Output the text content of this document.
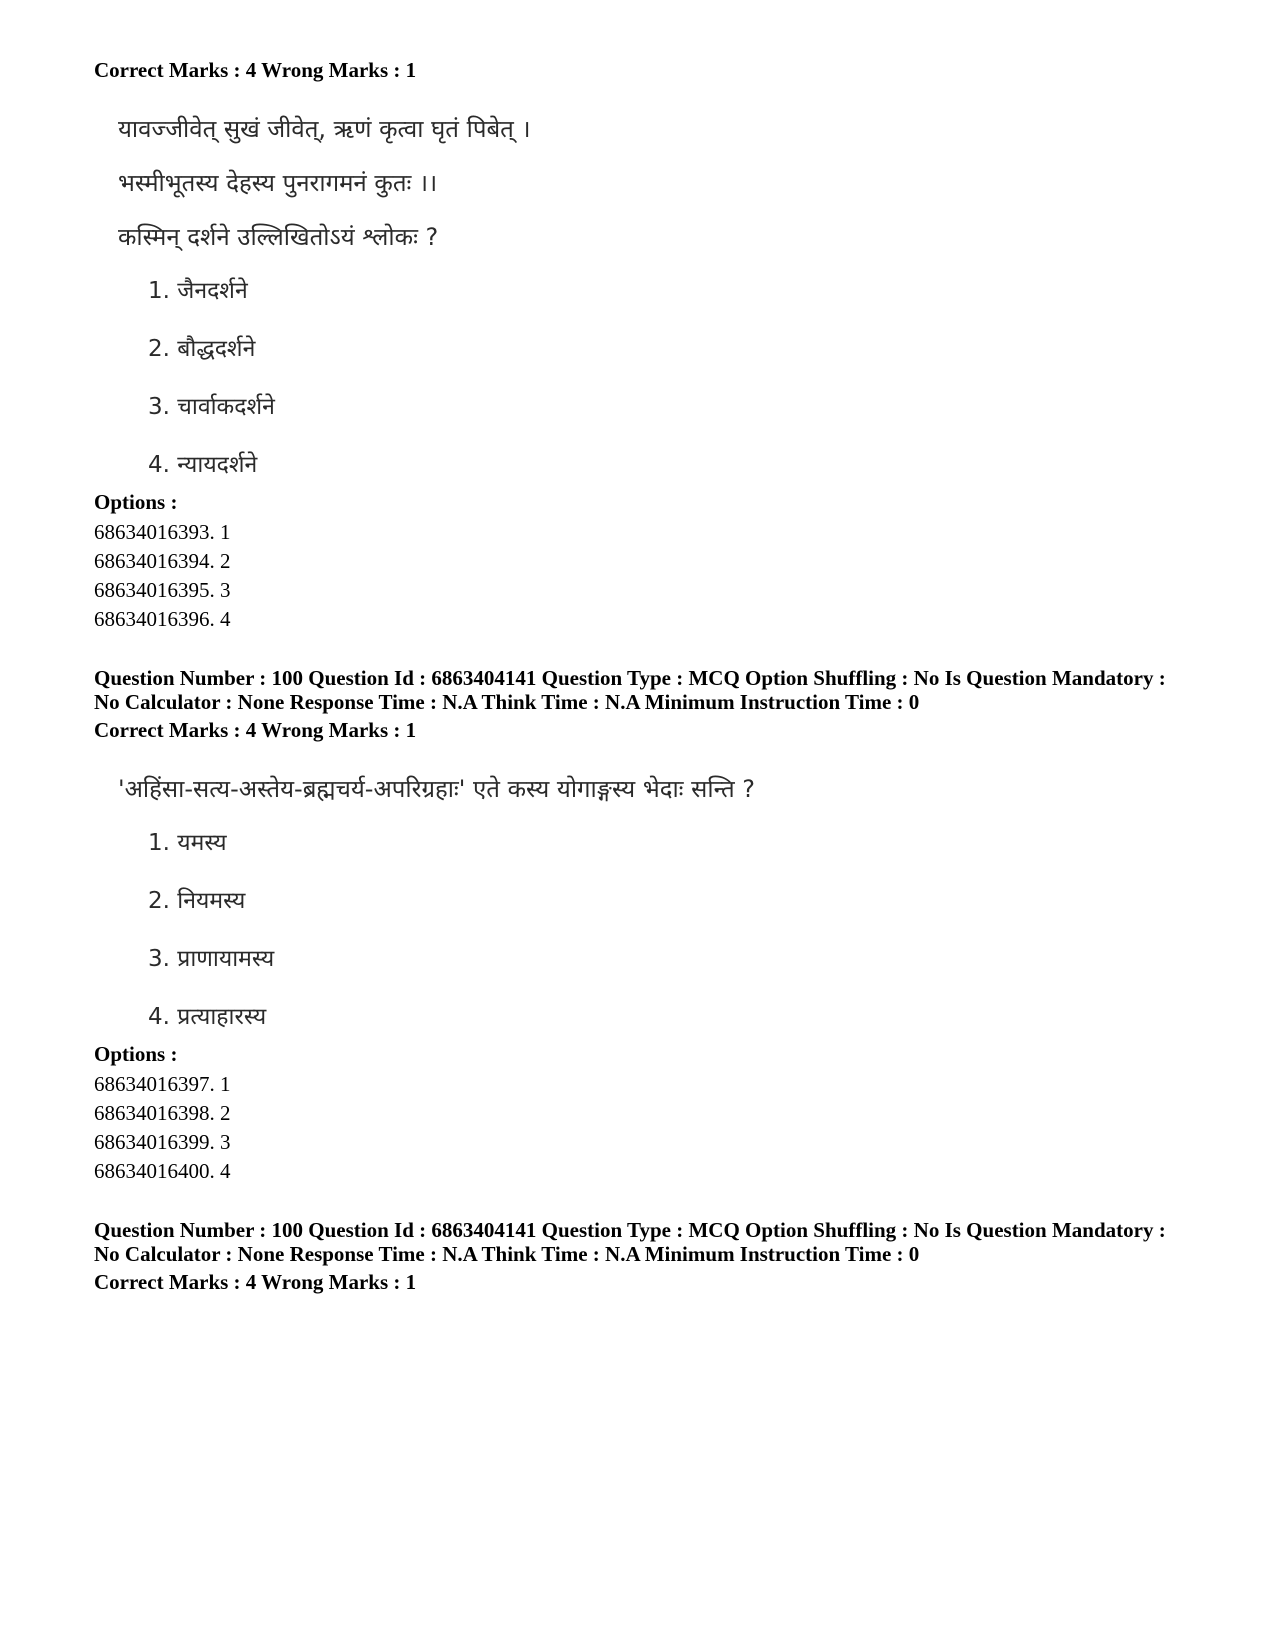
Correct Marks : 4 Wrong Marks : 1

यावज्जीवेत् सुखं जीवेत्, ऋणं कृत्वा घृतं पिबेत् ।
भस्मीभूतस्य देहस्य पुनरागमनं कुतः ।।
कस्मिन् दर्शने उल्लिखितोऽयं श्लोकः ?
1. जैनदर्शने
2. बौद्धदर्शने
3. चार्वाकदर्शने
4. न्यायदर्शने

Options :

68634016393. 1

68634016394. 2

68634016395. 3

68634016396. 4

Question Number : 100 Question Id : 6863404141 Question Type : MCQ Option Shuffling : No Is Question Mandatory :

No Calculator : None Response Time : N.A Think Time : N.A Minimum Instruction Time : 0

Correct Marks : 4 Wrong Marks : 1

'अहिंसा-सत्य-अस्तेय-ब्रह्मचर्य-अपरिग्रहाः' एते कस्य योगाङ्गस्य भेदाः सन्ति ?
1. यमस्य
2. नियमस्य
3. प्राणायामस्य
4. प्रत्याहारस्य

Options :

68634016397. 1

68634016398. 2

68634016399. 3

68634016400. 4

Question Number : 100 Question Id : 6863404141 Question Type : MCQ Option Shuffling : No Is Question Mandatory :

No Calculator : None Response Time : N.A Think Time : N.A Minimum Instruction Time : 0

Correct Marks : 4 Wrong Marks : 1
